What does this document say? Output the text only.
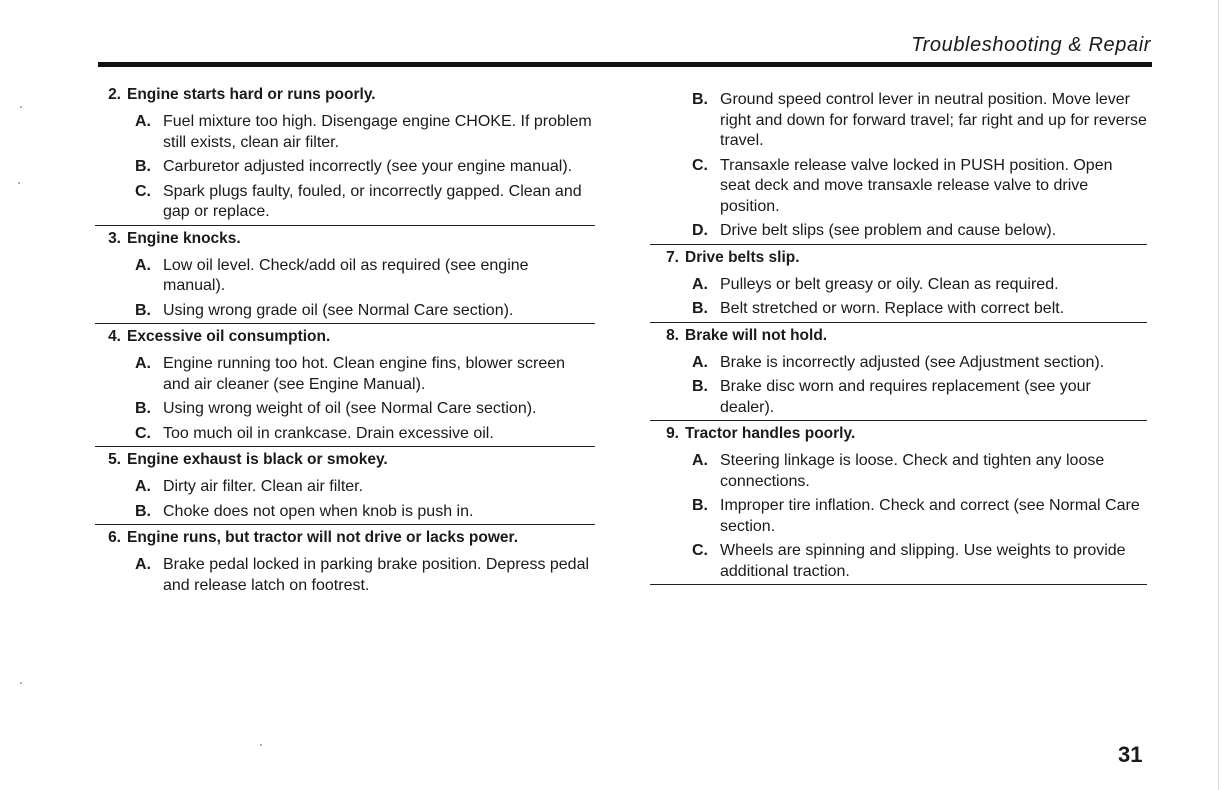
Troubleshooting & Repair
2. Engine starts hard or runs poorly.
A. Fuel mixture too high. Disengage engine CHOKE. If problem still exists, clean air filter.
B. Carburetor adjusted incorrectly (see your engine manual).
C. Spark plugs faulty, fouled, or incorrectly gapped. Clean and gap or replace.
3. Engine knocks.
A. Low oil level. Check/add oil as required (see engine manual).
B. Using wrong grade oil (see Normal Care section).
4. Excessive oil consumption.
A. Engine running too hot. Clean engine fins, blower screen and air cleaner (see Engine Manual).
B. Using wrong weight of oil (see Normal Care section).
C. Too much oil in crankcase. Drain excessive oil.
5. Engine exhaust is black or smokey.
A. Dirty air filter. Clean air filter.
B. Choke does not open when knob is push in.
6. Engine runs, but tractor will not drive or lacks power.
A. Brake pedal locked in parking brake position. Depress pedal and release latch on footrest.
B. Ground speed control lever in neutral position. Move lever right and down for forward travel; far right and up for reverse travel.
C. Transaxle release valve locked in PUSH position. Open seat deck and move transaxle release valve to drive position.
D. Drive belt slips (see problem and cause below).
7. Drive belts slip.
A. Pulleys or belt greasy or oily. Clean as required.
B. Belt stretched or worn. Replace with correct belt.
8. Brake will not hold.
A. Brake is incorrectly adjusted (see Adjustment section).
B. Brake disc worn and requires replacement (see your dealer).
9. Tractor handles poorly.
A. Steering linkage is loose. Check and tighten any loose connections.
B. Improper tire inflation. Check and correct (see Normal Care section.
C. Wheels are spinning and slipping. Use weights to provide additional traction.
31
